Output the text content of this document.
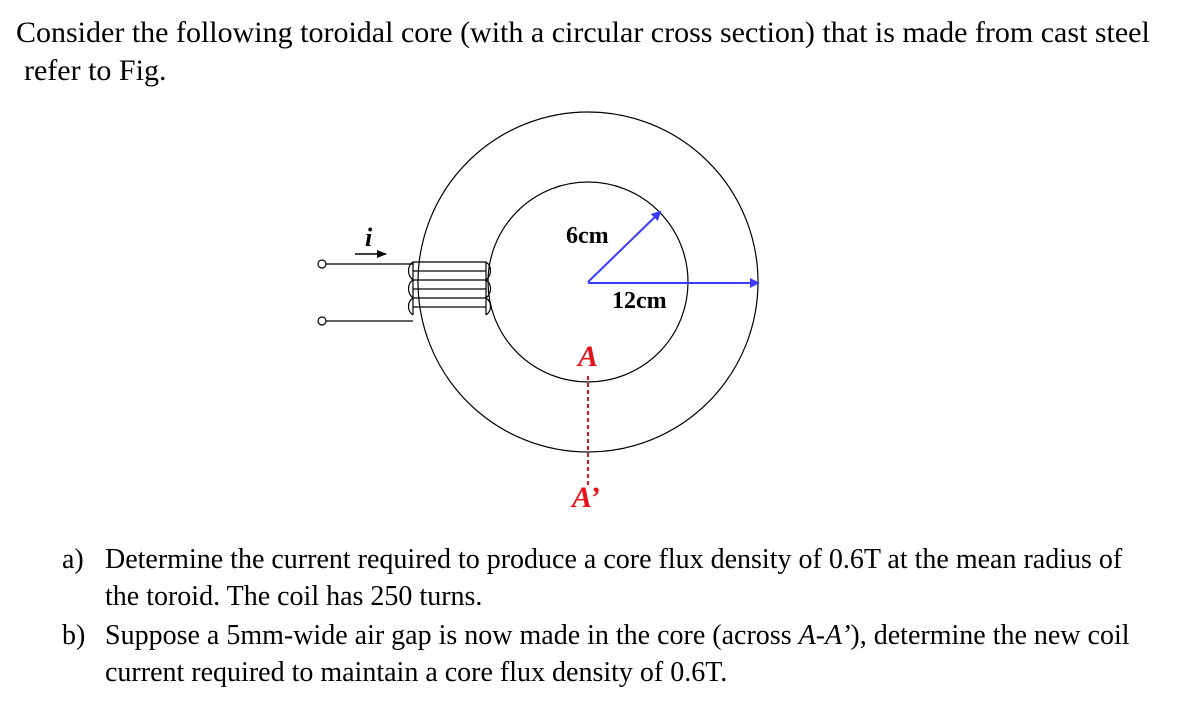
Consider the following toroidal core (with a circular cross section) that is made from cast steel

refer to Fig.

i	6cm
12cm
A
A’
a) Determine the current required to produce a core flux density of 0.6T at the mean radius of the toroid. The coil has 250 turns.
b) Suppose a 5mm-wide air gap is now made in the core (across A-A’), determine the new coil current required to maintain a core flux density of 0.6T.
